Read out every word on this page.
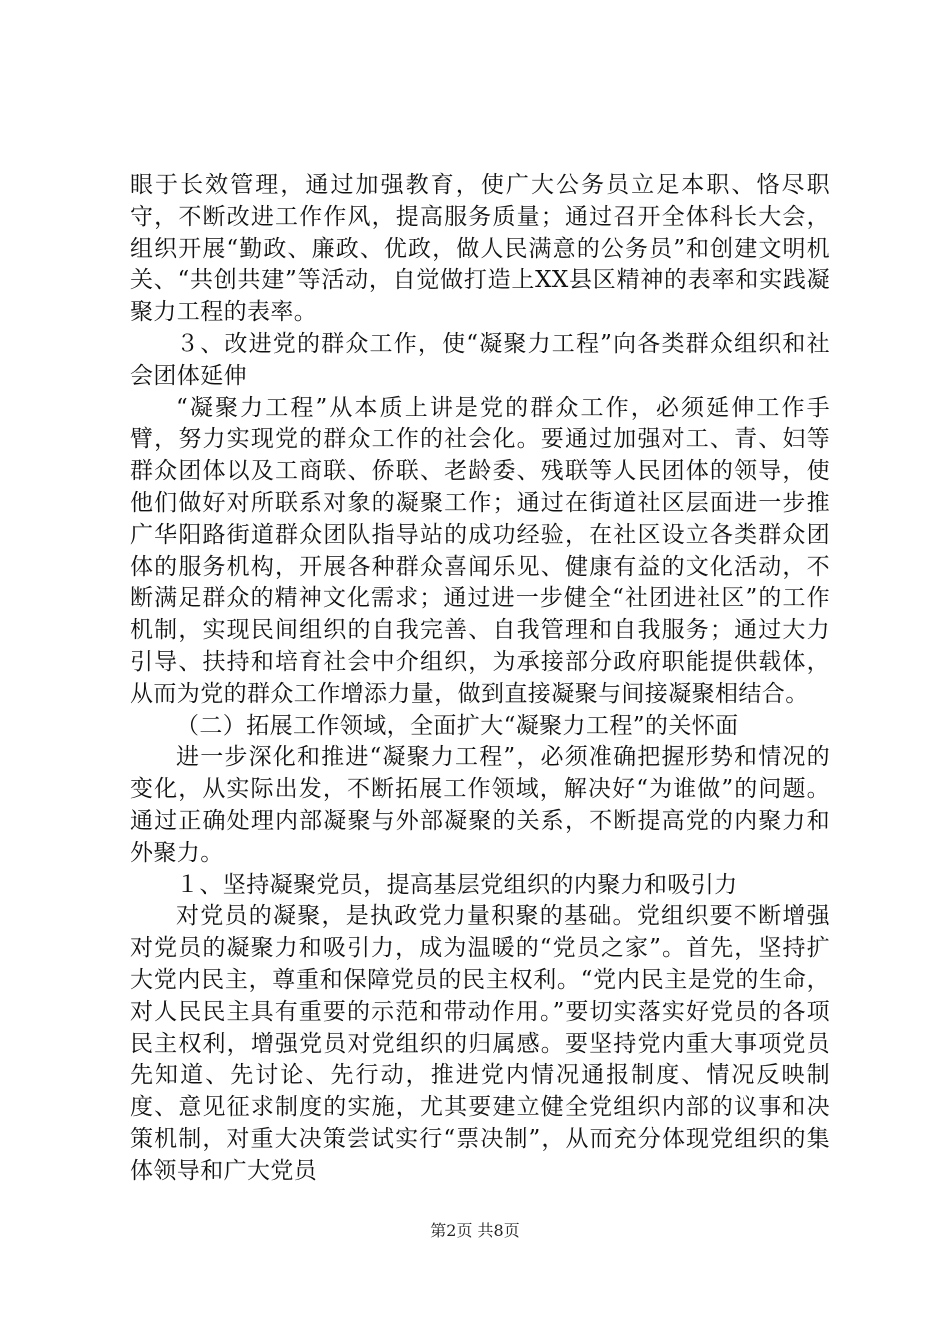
眼于长效管理，通过加强教育，使广大公务员立足本职、恪尽职守，不断改进工作作风，提高服务质量；通过召开全体科长大会，组织开展“勤政、廉政、优政，做人民满意的公务员”和创建文明机关、“共创共建”等活动，自觉做打造上XX县区精神的表率和实践凝聚力工程的表率。

３、改进党的群众工作，使“凝聚力工程”向各类群众组织和社会团体延伸

“凝聚力工程”从本质上讲是党的群众工作，必须延伸工作手臂，努力实现党的群众工作的社会化。要通过加强对工、青、妇等群众团体以及工商联、侨联、老龄委、残联等人民团体的领导，使他们做好对所联系对象的凝聚工作；通过在街道社区层面进一步推广华阳路街道群众团队指导站的成功经验，在社区设立各类群众团体的服务机构，开展各种群众喜闻乐见、健康有益的文化活动，不断满足群众的精神文化需求；通过进一步健全“社团进社区”的工作机制，实现民间组织的自我完善、自我管理和自我服务；通过大力引导、扶持和培育社会中介组织，为承接部分政府职能提供载体，从而为党的群众工作增添力量，做到直接凝聚与间接凝聚相结合。

（二）拓展工作领域，全面扩大“凝聚力工程”的关怀面

进一步深化和推进“凝聚力工程”，必须准确把握形势和情况的变化，从实际出发，不断拓展工作领域，解决好“为谁做”的问题。通过正确处理内部凝聚与外部凝聚的关系，不断提高党的内聚力和外聚力。

１、坚持凝聚党员，提高基层党组织的内聚力和吸引力

对党员的凝聚，是执政党力量积聚的基础。党组织要不断增强对党员的凝聚力和吸引力，成为温暖的“党员之家”。首先，坚持扩大党内民主，尊重和保障党员的民主权利。“党内民主是党的生命，对人民民主具有重要的示范和带动作用。”要切实落实好党员的各项民主权利，增强党员对党组织的归属感。要坚持党内重大事项党员先知道、先讨论、先行动，推进党内情况通报制度、情况反映制度、意见征求制度的实施，尤其要建立健全党组织内部的议事和决策机制，对重大决策尝试实行“票决制”，从而充分体现党组织的集体领导和广大党员

第2页 共8页
